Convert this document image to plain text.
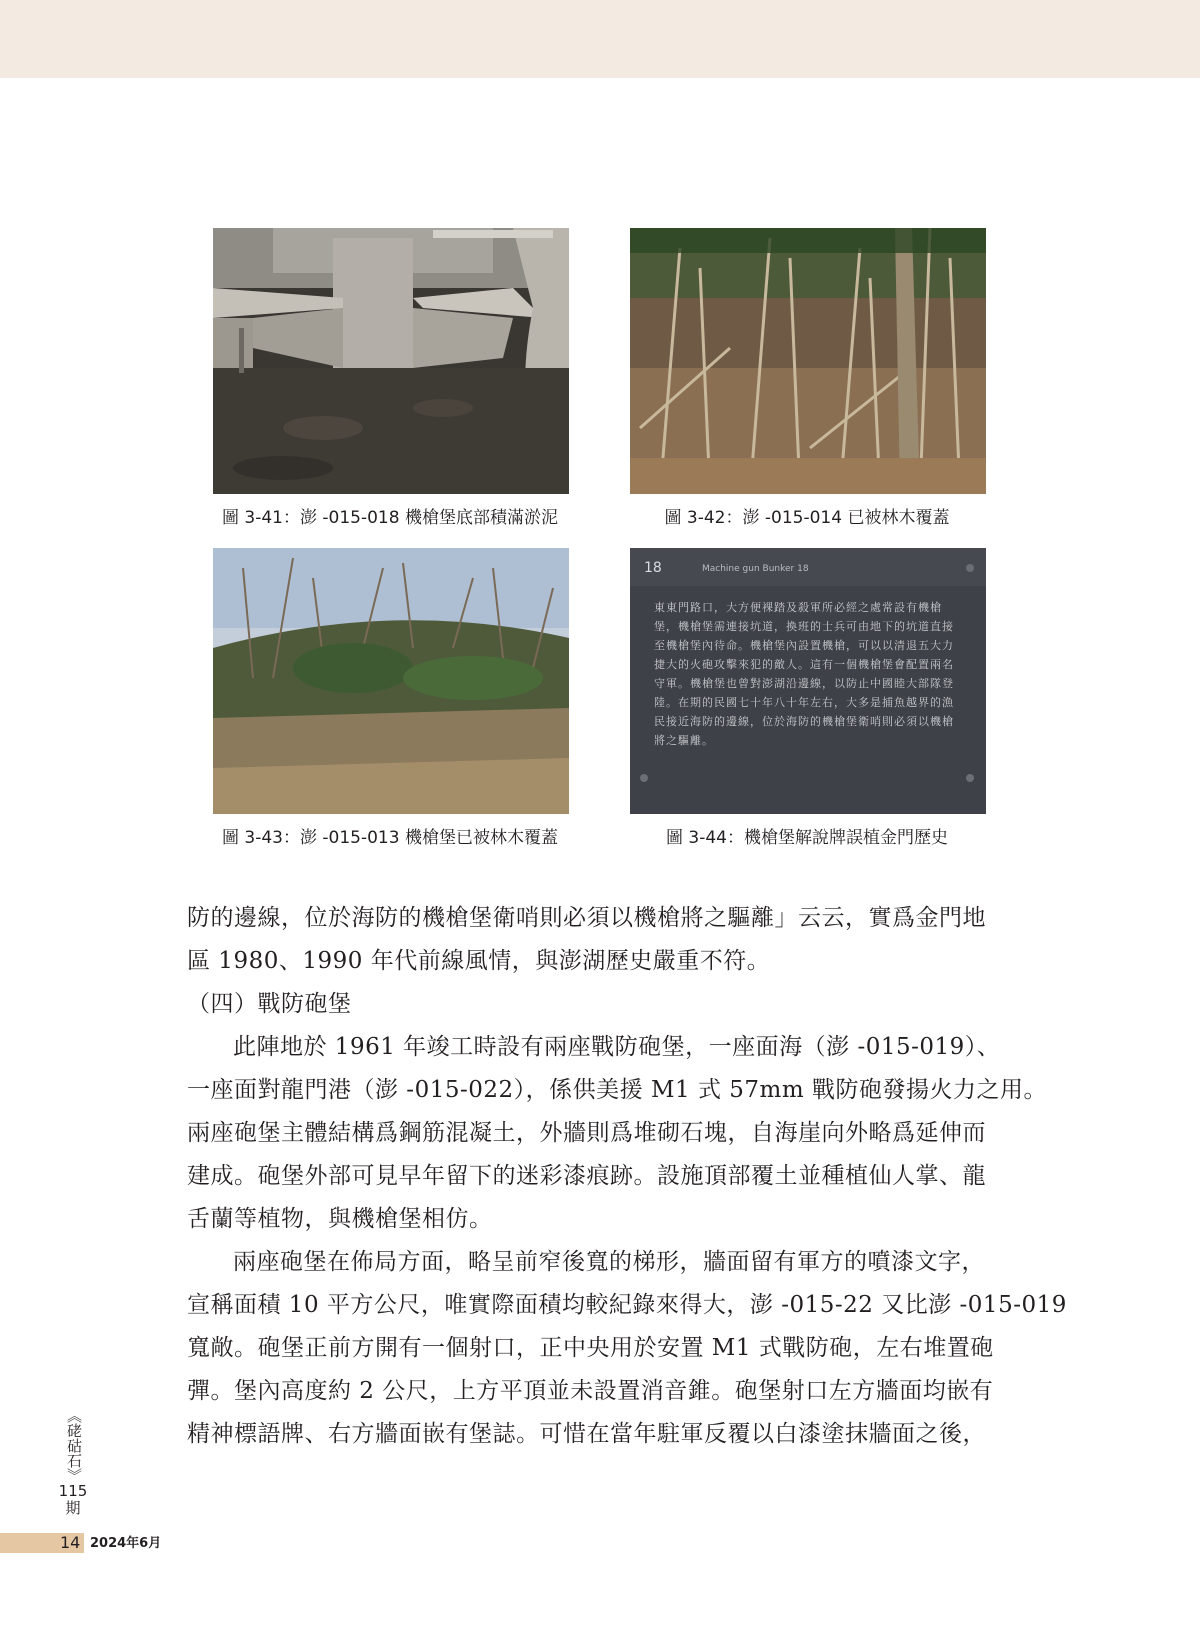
18	Machine gun Bunker 18
東東門路口，大方便裸踏及殺軍所必經之處常設有機槍堡，機槍堡需連接坑道，換班的士兵可由地下的坑道直接至機槍堡內待命。機槍堡內設置機槍，可以以清退五大力捷大的火砲攻擊來犯的敵人。這有一個機槍堡會配置兩名守軍。機槍堡也曾對澎湖沿邊線，以防止中國睦大部隊登陸。在期的民國七十年八十年左右，大多是捕魚越界的漁民接近海防的邊線，位於海防的機槍堡衛哨則必須以機槍將之驅離。
圖 3-41：澎 -015-018 機槍堡底部積滿淤泥	圖 3-42：澎 -015-014 已被林木覆蓋
圖 3-43：澎 -015-013 機槍堡已被林木覆蓋	圖 3-44：機槍堡解說牌誤植金門歷史
防的邊線，位於海防的機槍堡衛哨則必須以機槍將之驅離」云云，實爲金門地
區 1980、1990 年代前線風情，與澎湖歷史嚴重不符。
（四）戰防砲堡
此陣地於 1961 年竣工時設有兩座戰防砲堡，一座面海（澎 -015-019）、
一座面對龍門港（澎 -015-022），係供美援 M1 式 57mm 戰防砲發揚火力之用。
兩座砲堡主體結構爲鋼筋混凝土，外牆則爲堆砌石塊，自海崖向外略爲延伸而
建成。砲堡外部可見早年留下的迷彩漆痕跡。設施頂部覆土並種植仙人掌、龍
舌蘭等植物，與機槍堡相仿。
兩座砲堡在佈局方面，略呈前窄後寬的梯形，牆面留有軍方的噴漆文字，
宣稱面積 10 平方公尺，唯實際面積均較紀錄來得大，澎 -015-22 又比澎 -015-019
寬敞。砲堡正前方開有一個射口，正中央用於安置 M1 式戰防砲，左右堆置砲
彈。堡內高度約 2 公尺，上方平頂並未設置消音錐。砲堡射口左方牆面均嵌有
精神標語牌、右方牆面嵌有堡誌。可惜在當年駐軍反覆以白漆塗抹牆面之後，
《硓𥑮石》
115期
14 2024年6月
